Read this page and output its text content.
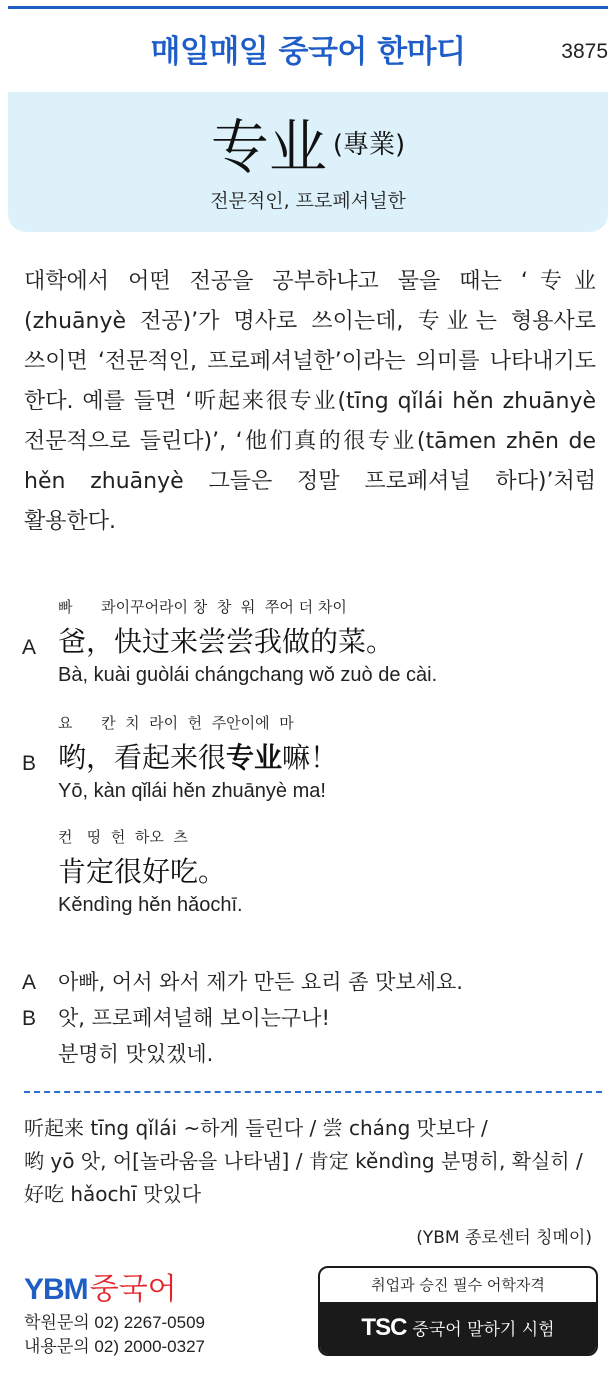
매일매일 중국어 한마디	3875
专业 (專業)
전문적인, 프로페셔널한

대학에서 어떤 전공을 공부하냐고 물을 때는 ‘专业(zhuānyè 전공)’가 명사로 쓰이는데, 专业는 형용사로 쓰이면 ‘전문적인, 프로페셔널한’이라는 의미를 나타내기도 한다. 예를 들면 ‘听起来很专业(tīng qǐlái hěn zhuānyè 전문적으로 들린다)’, ‘他们真的很专业(tāmen zhēn de hěn zhuānyè 그들은 정말 프로페셔널 하다)’처럼 활용한다.

빠      콰이꾸어라이 창  창  워  쭈어 더 차이
A 爸，快过来尝尝我做的菜。
Bà, kuài guòlái chángchang wǒ zuò de cài.
요      칸  치  라이  헌  주안이에  마
B 哟，看起来很专业嘛！
Yō, kàn qǐlái hěn zhuānyè ma!
컨   띵  헌  하오  츠
肯定很好吃。
Kěndìng hěn hǎochī.
A 아빠, 어서 와서 제가 만든 요리 좀 맛보세요.
B 앗, 프로페셔널해 보이는구나!
분명히 맛있겠네.
听起来 tīng qǐlái ~하게 들린다 / 尝 cháng 맛보다 /
哟 yō 앗, 어[놀라움을 나타냄] / 肯定 kěndìng 분명히, 확실히 /
好吃 hǎochī 맛있다
(YBM 종로센터 칭메이)
YBM중국어
학원문의 02) 2267-0509
내용문의 02) 2000-0327
취업과 승진 필수 어학자격
TSC 중국어 말하기 시험
